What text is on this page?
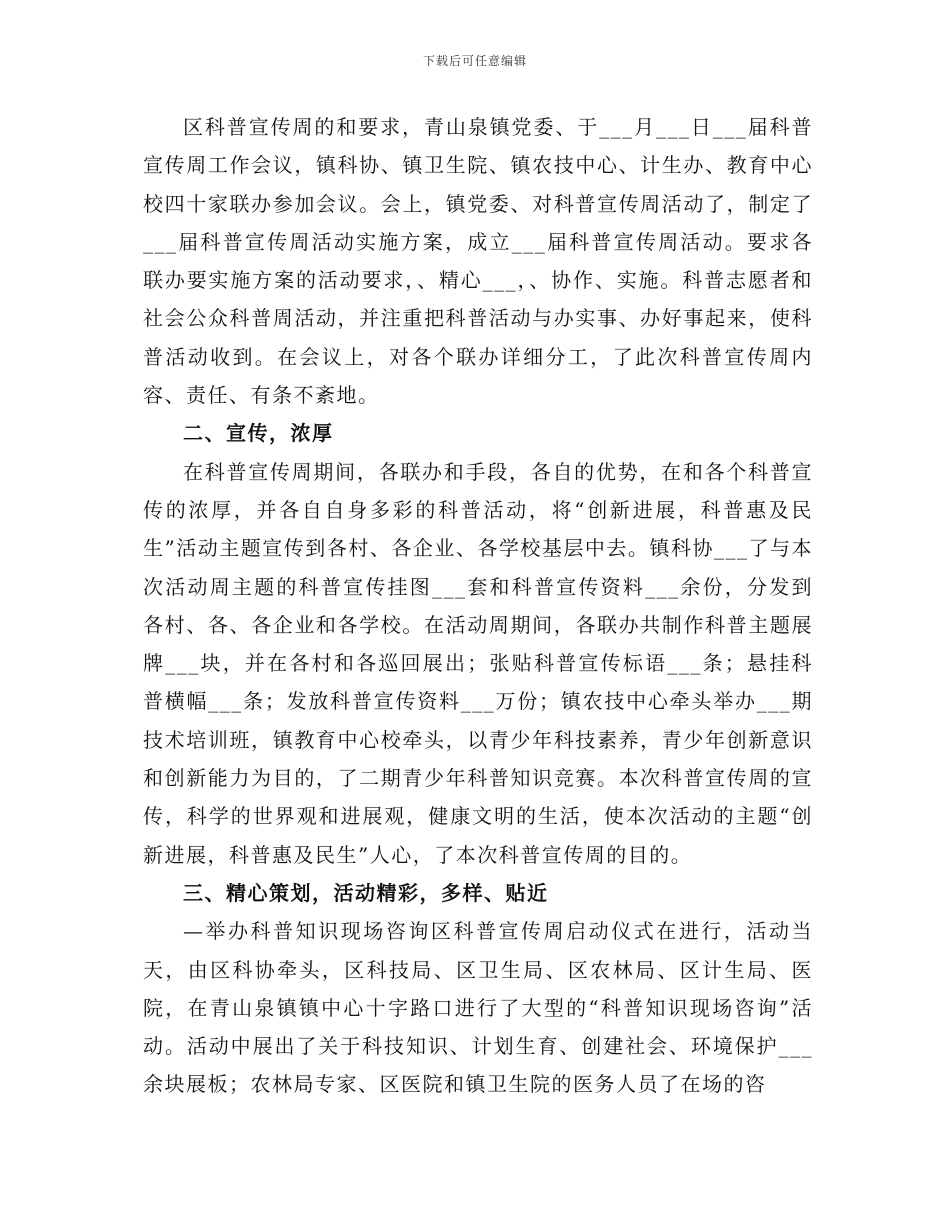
下载后可任意编辑

区科普宣传周的和要求，青山泉镇党委、于___月___日___届科普宣传周工作会议，镇科协、镇卫生院、镇农技中心、计生办、教育中心校四十家联办参加会议。会上，镇党委、对科普宣传周活动了，制定了___届科普宣传周活动实施方案，成立___届科普宣传周活动。要求各联办要实施方案的活动要求，、精心___，、协作、实施。科普志愿者和社会公众科普周活动，并注重把科普活动与办实事、办好事起来，使科普活动收到。在会议上，对各个联办详细分工，了此次科普宣传周内容、责任、有条不紊地。

二、宣传，浓厚

在科普宣传周期间，各联办和手段，各自的优势，在和各个科普宣传的浓厚，并各自自身多彩的科普活动，将“创新进展，科普惠及民生”活动主题宣传到各村、各企业、各学校基层中去。镇科协___了与本次活动周主题的科普宣传挂图___套和科普宣传资料___余份，分发到各村、各、各企业和各学校。在活动周期间，各联办共制作科普主题展牌___块，并在各村和各巡回展出；张贴科普宣传标语___条；悬挂科普横幅___条；发放科普宣传资料___万份；镇农技中心牵头举办___期技术培训班，镇教育中心校牵头，以青少年科技素养，青少年创新意识和创新能力为目的，了二期青少年科普知识竞赛。本次科普宣传周的宣传，科学的世界观和进展观，健康文明的生活，使本次活动的主题“创新进展，科普惠及民生”人心，了本次科普宣传周的目的。

三、精心策划，活动精彩，多样、贴近

—举办科普知识现场咨询区科普宣传周启动仪式在进行，活动当天，由区科协牵头，区科技局、区卫生局、区农林局、区计生局、医院，在青山泉镇镇中心十字路口进行了大型的“科普知识现场咨询”活动。活动中展出了关于科技知识、计划生育、创建社会、环境保护___余块展板；农林局专家、区医院和镇卫生院的医务人员了在场的咨
